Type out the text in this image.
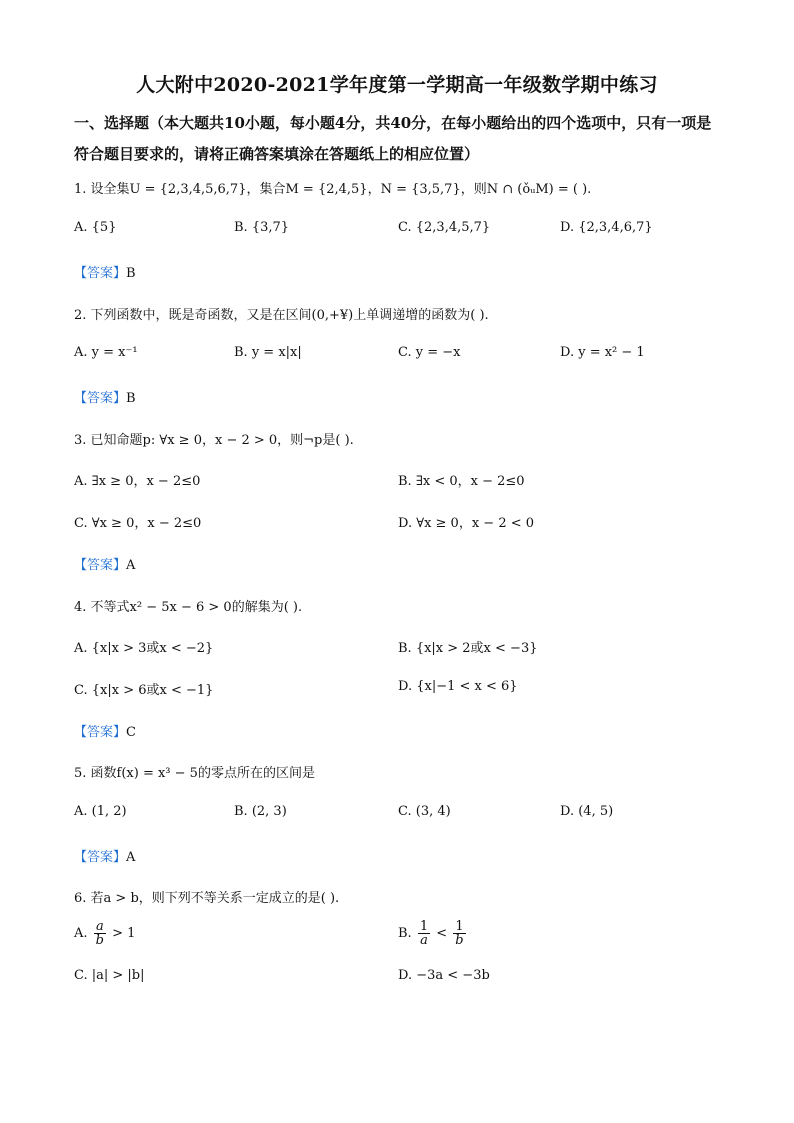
人大附中2020-2021学年度第一学期高一年级数学期中练习
一、选择题（本大题共10小题，每小题4分，共40分，在每小题给出的四个选项中，只有一项是符合题目要求的，请将正确答案填涂在答题纸上的相应位置）
1. 设全集U = {2,3,4,5,6,7}，集合M = {2,4,5}，N = {3,5,7}，则N ∩ (ǒᵤM) = ( ).
A. {5}	B. {3,7}	C. {2,3,4,5,7}	D. {2,3,4,6,7}
【答案】B
2. 下列函数中，既是奇函数，又是在区间(0,+¥)上单调递增的函数为( ).
A. y = x⁻¹	B. y = x|x|	C. y = −x	D. y = x² − 1
【答案】B
3. 已知命题p: ∀x ≥ 0，x − 2 > 0，则¬p是( ).
A. ∃x ≥ 0，x − 2≤0	B. ∃x < 0，x − 2≤0
C. ∀x ≥ 0，x − 2≤0	D. ∀x ≥ 0，x − 2 < 0
【答案】A
4. 不等式x² − 5x − 6 > 0的解集为( ).
A. {x|x > 3或x < −2}	B. {x|x > 2或x < −3}
C. {x|x > 6或x < −1}	D. {x|−1 < x < 6}
【答案】C
5. 函数f(x) = x³ − 5的零点所在的区间是
A. (1, 2)	B. (2, 3)	C. (3, 4)	D. (4, 5)
【答案】A
6. 若a > b，则下列不等关系一定成立的是( ).
A. $\frac{a}{b} > 1$	B. $\frac{1}{a} < \frac{1}{b}$
C. |a| > |b|	D. −3a < −3b
